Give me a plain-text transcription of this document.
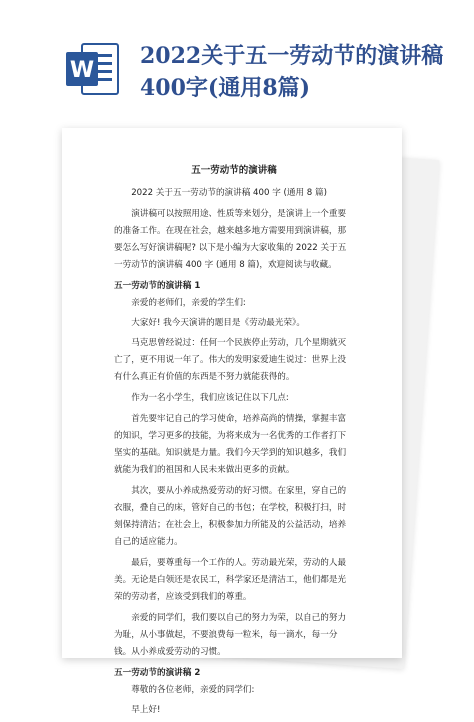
W
2022关于五一劳动节的演讲稿400字(通用8篇)
五一劳动节的演讲稿
2022 关于五一劳动节的演讲稿 400 字 (通用 8 篇)
演讲稿可以按照用途、性质等来划分，是演讲上一个重要的准备工作。在现在社会，越来越多地方需要用到演讲稿，那要怎么写好演讲稿呢? 以下是小编为大家收集的 2022 关于五一劳动节的演讲稿 400 字 (通用 8 篇)，欢迎阅读与收藏。
五一劳动节的演讲稿 1
亲爱的老师们，亲爱的学生们:
大家好! 我今天演讲的题目是《劳动最光荣》。
马克思曾经说过：任何一个民族停止劳动，几个星期就灭亡了，更不用说一年了。伟大的发明家爱迪生说过：世界上没有什么真正有价值的东西是不努力就能获得的。
作为一名小学生，我们应该记住以下几点:
首先要牢记自己的学习使命，培养高尚的情操，掌握丰富的知识，学习更多的技能，为将来成为一名优秀的工作者打下坚实的基础。知识就是力量。我们今天学到的知识越多，我们就能为我们的祖国和人民未来做出更多的贡献。
其次，要从小养成热爱劳动的好习惯。在家里，穿自己的衣服，叠自己的床，管好自己的书包；在学校，积极打扫，时刻保持清洁；在社会上，积极参加力所能及的公益活动，培养自己的适应能力。
最后，要尊重每一个工作的人。劳动最光荣，劳动的人最美。无论是白领还是农民工，科学家还是清洁工，他们都是光荣的劳动者，应该受到我们的尊重。
亲爱的同学们，我们要以自己的努力为荣，以自己的努力为耻，从小事做起，不要浪费每一粒米，每一滴水，每一分钱。从小养成爱劳动的习惯。
五一劳动节的演讲稿 2
尊敬的各位老师，亲爱的同学们:
早上好!
